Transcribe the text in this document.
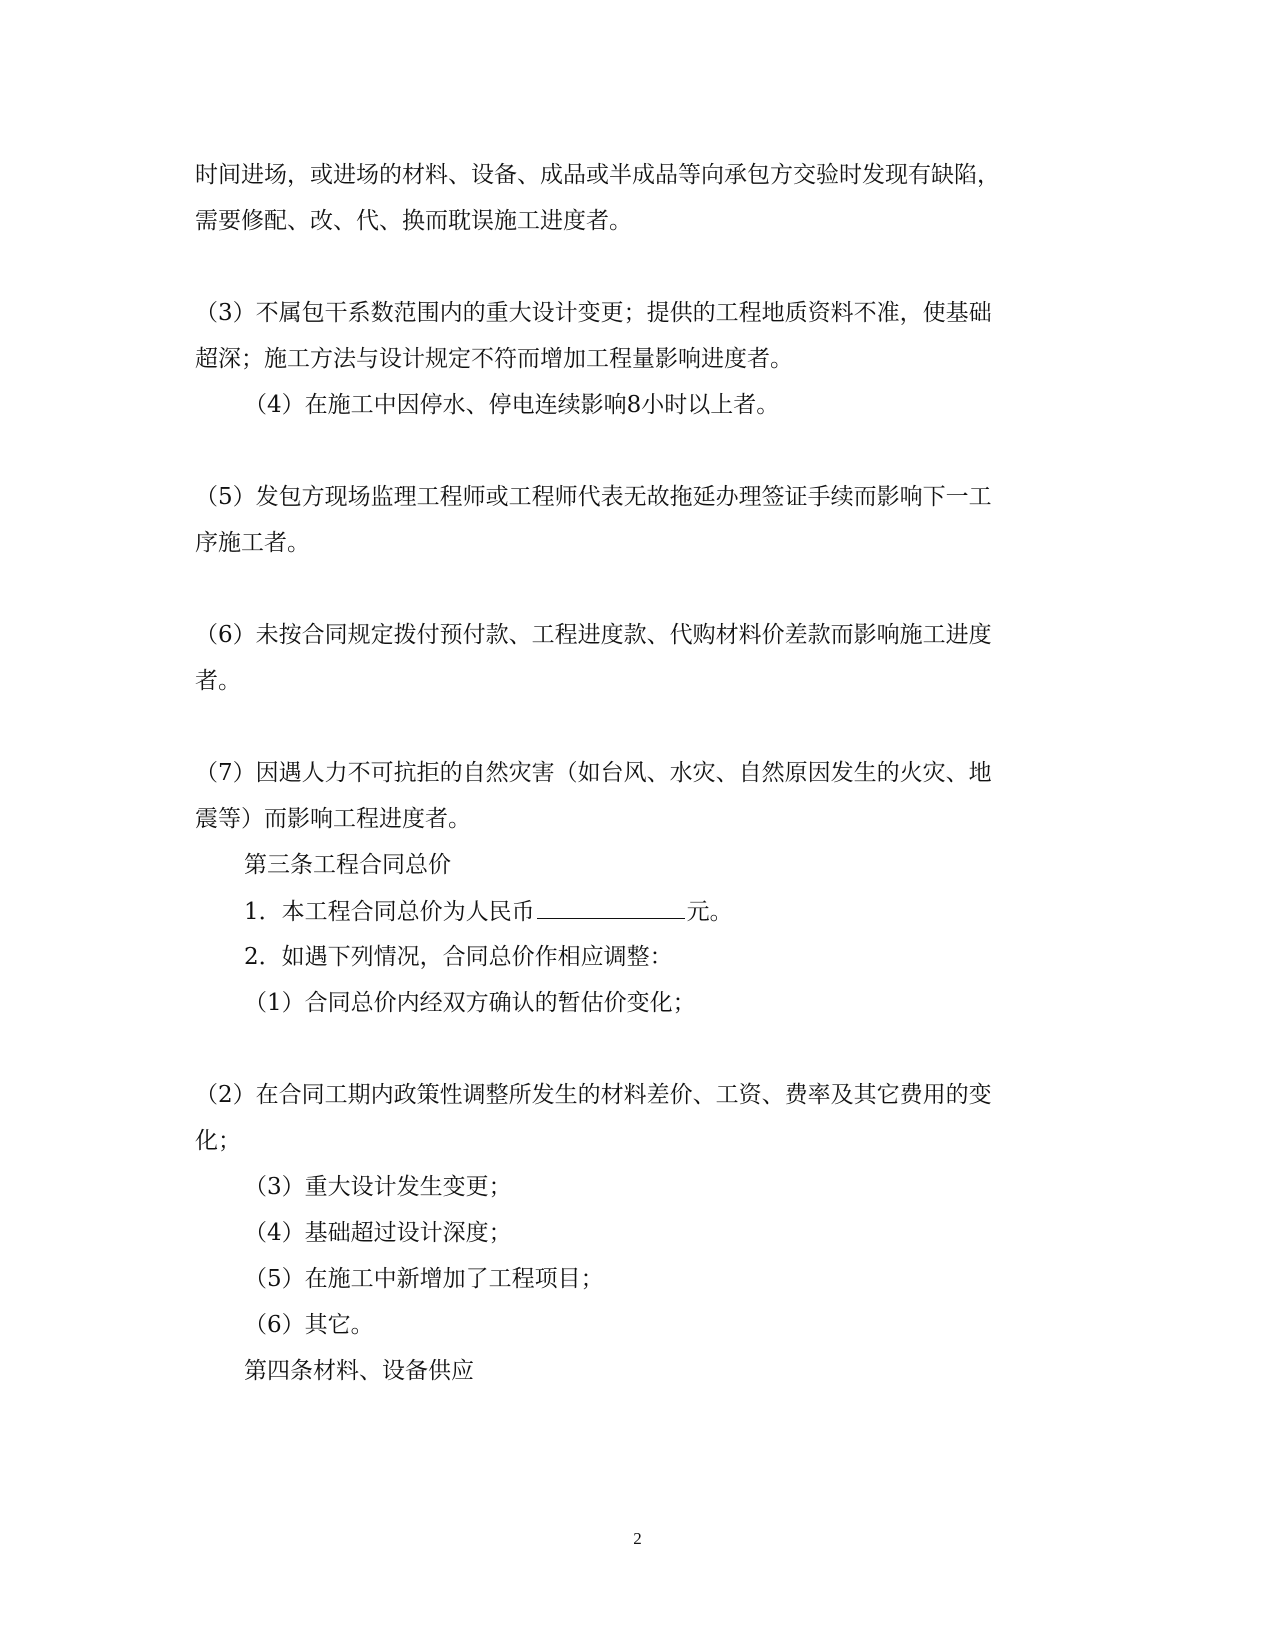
时间进场，或进场的材料、设备、成品或半成品等向承包方交验时发现有缺陷，
需要修配、改、代、换而耽误施工进度者。
（3）不属包干系数范围内的重大设计变更；提供的工程地质资料不准，使基础
超深；施工方法与设计规定不符而增加工程量影响进度者。
（4）在施工中因停水、停电连续影响8小时以上者。
（5）发包方现场监理工程师或工程师代表无故拖延办理签证手续而影响下一工
序施工者。
（6）未按合同规定拨付预付款、工程进度款、代购材料价差款而影响施工进度
者。
（7）因遇人力不可抗拒的自然灾害（如台风、水灾、自然原因发生的火灾、地
震等）而影响工程进度者。
第三条工程合同总价
1．本工程合同总价为人民币	元。
2．如遇下列情况，合同总价作相应调整：
（1）合同总价内经双方确认的暂估价变化；
（2）在合同工期内政策性调整所发生的材料差价、工资、费率及其它费用的变
化；
（3）重大设计发生变更；
（4）基础超过设计深度；
（5）在施工中新增加了工程项目；
（6）其它。
第四条材料、设备供应
2
